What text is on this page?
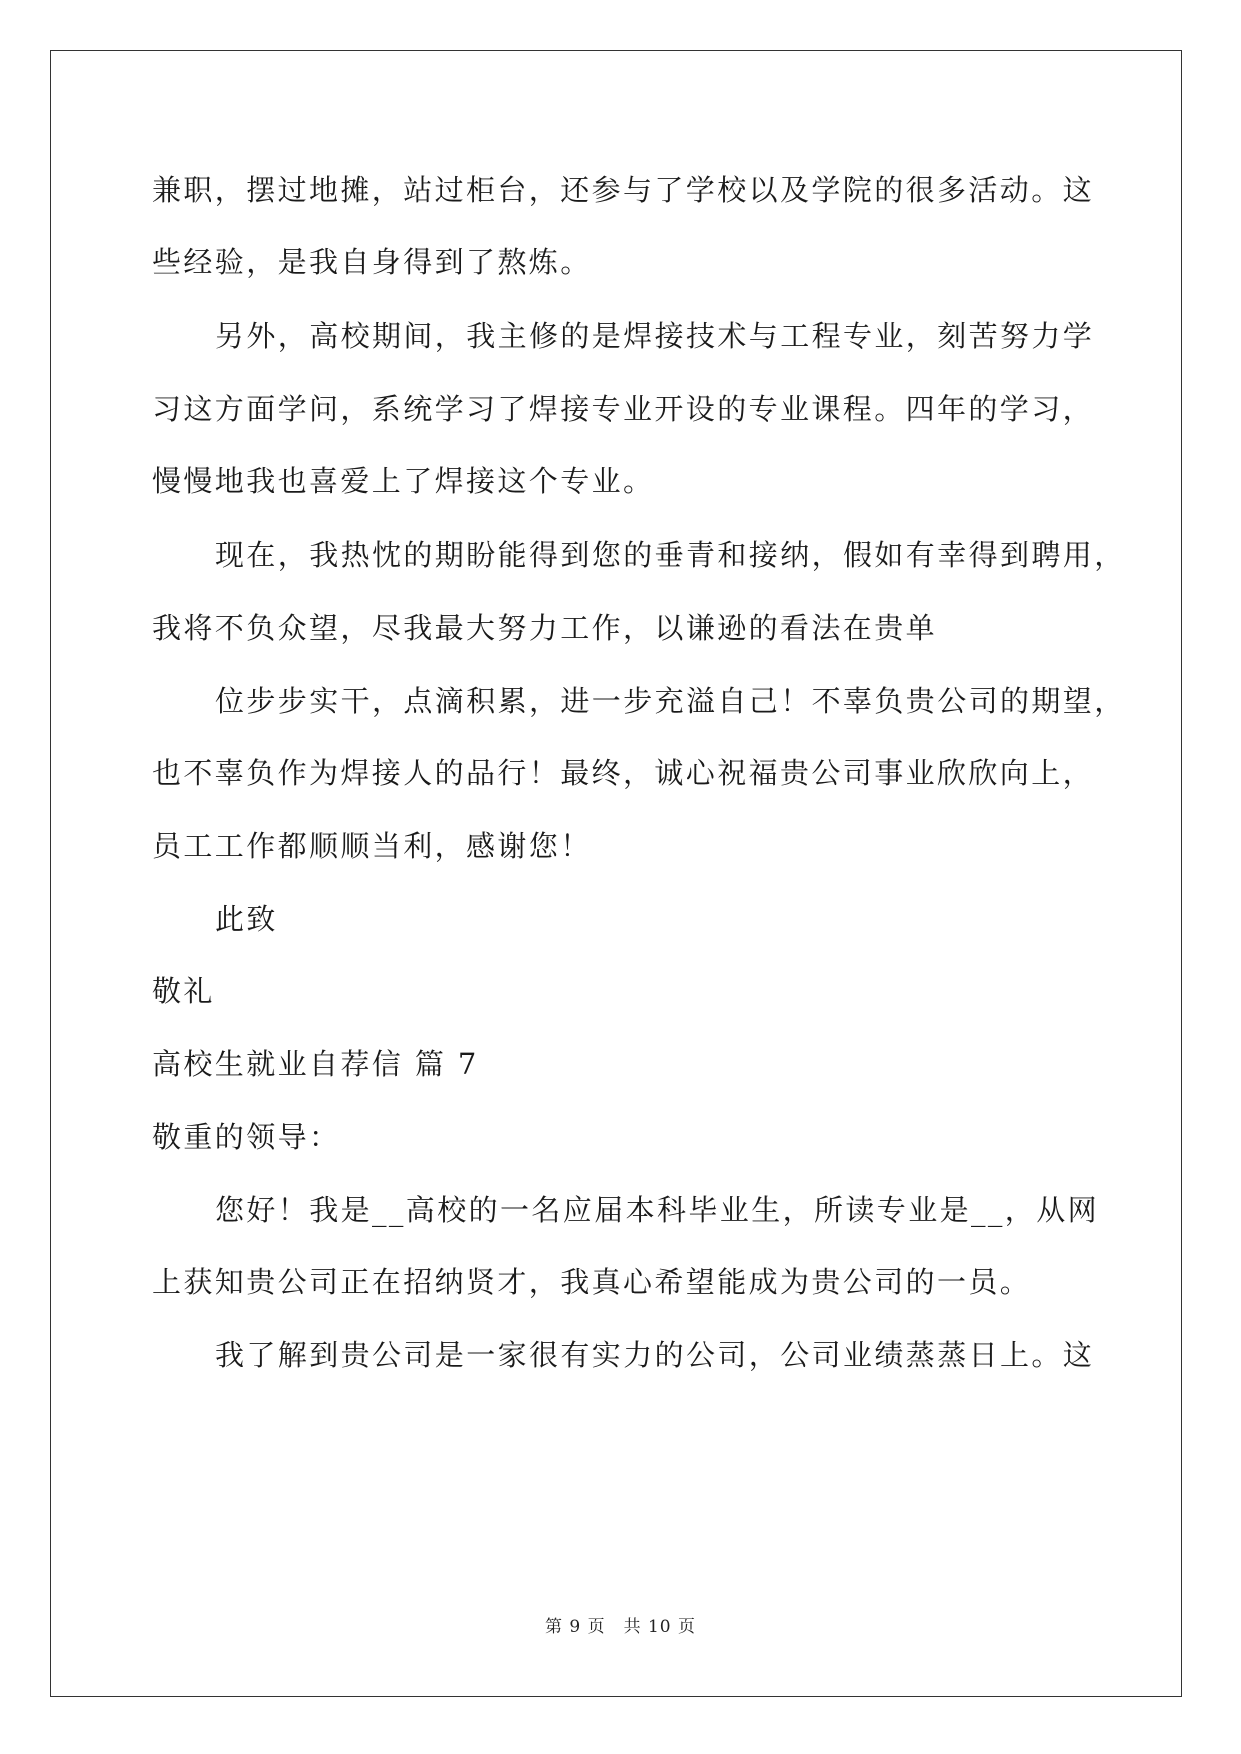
兼职，摆过地摊，站过柜台，还参与了学校以及学院的很多活动。这
些经验，是我自身得到了熬炼。
另外，高校期间，我主修的是焊接技术与工程专业，刻苦努力学
习这方面学问，系统学习了焊接专业开设的专业课程。四年的学习，
慢慢地我也喜爱上了焊接这个专业。
现在，我热忱的期盼能得到您的垂青和接纳，假如有幸得到聘用，
我将不负众望，尽我最大努力工作，以谦逊的看法在贵单
位步步实干，点滴积累，进一步充溢自己！不辜负贵公司的期望，
也不辜负作为焊接人的品行！最终，诚心祝福贵公司事业欣欣向上，
员工工作都顺顺当利，感谢您！
此致
敬礼
高校生就业自荐信 篇 7
敬重的领导：
您好！我是__高校的一名应届本科毕业生，所读专业是__，从网
上获知贵公司正在招纳贤才，我真心希望能成为贵公司的一员。
我了解到贵公司是一家很有实力的公司，公司业绩蒸蒸日上。这
第 9 页　共 10 页
